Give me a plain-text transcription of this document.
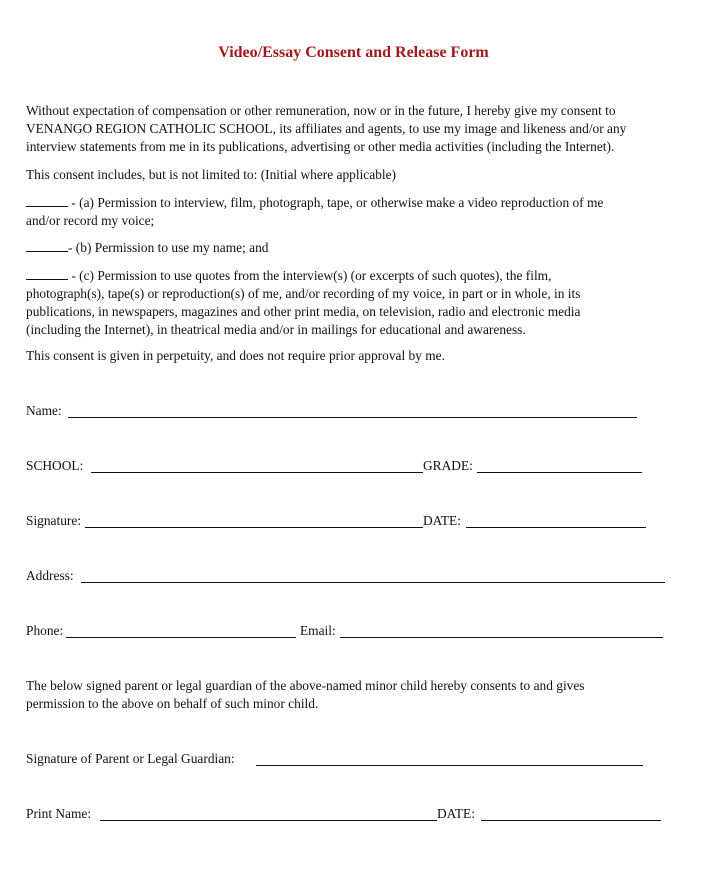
Video/Essay Consent and Release Form

Without expectation of compensation or other remuneration, now or in the future, I hereby give my consent to
VENANGO REGION CATHOLIC SCHOOL, its affiliates and agents, to use my image and likeness and/or any
interview statements from me in its publications, advertising or other media activities (including the Internet).

This consent includes, but is not limited to: (Initial where applicable)

- (a) Permission to interview, film, photograph, tape, or otherwise make a video reproduction of me
and/or record my voice;

- (b) Permission to use my name; and

- (c) Permission to use quotes from the interview(s) (or excerpts of such quotes), the film,
photograph(s), tape(s) or reproduction(s) of me, and/or recording of my voice, in part or in whole, in its
publications, in newspapers, magazines and other print media, on television, radio and electronic media
(including the Internet), in theatrical media and/or in mailings for educational and awareness.

This consent is given in perpetuity, and does not require prior approval by me.

Name:
SCHOOL:	GRADE:
Signature:	DATE:
Address:
Phone:	Email:

The below signed parent or legal guardian of the above-named minor child hereby consents to and gives
permission to the above on behalf of such minor child.

Signature of Parent or Legal Guardian:
Print Name:	DATE:
